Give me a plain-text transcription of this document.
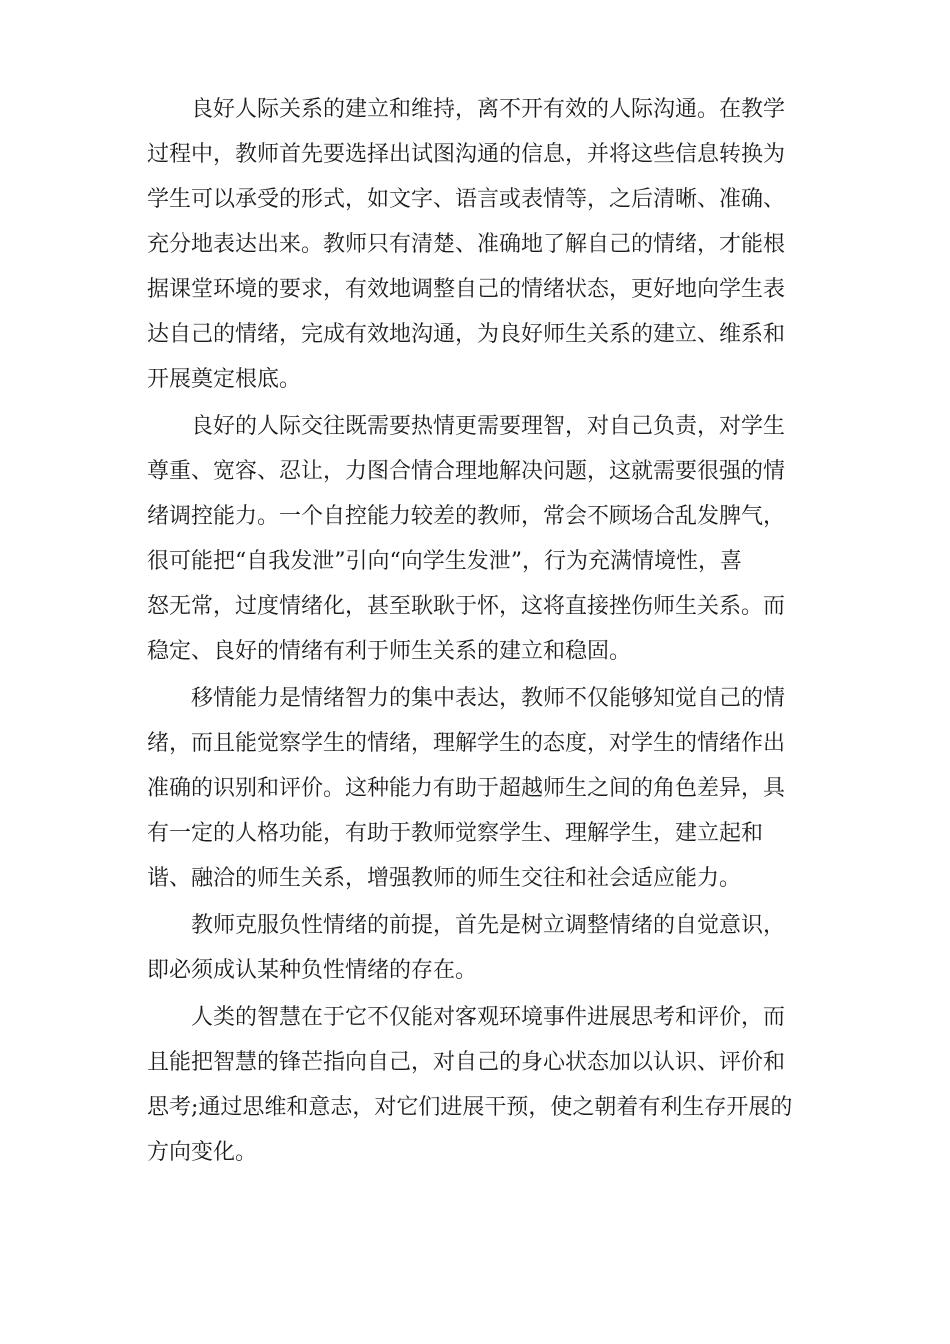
良好人际关系的建立和维持，离不开有效的人际沟通。在教学
过程中，教师首先要选择出试图沟通的信息，并将这些信息转换为
学生可以承受的形式，如文字、语言或表情等，之后清晰、准确、
充分地表达出来。教师只有清楚、准确地了解自己的情绪，才能根
据课堂环境的要求，有效地调整自己的情绪状态，更好地向学生表
达自己的情绪，完成有效地沟通，为良好师生关系的建立、维系和
开展奠定根底。
良好的人际交往既需要热情更需要理智，对自己负责，对学生
尊重、宽容、忍让，力图合情合理地解决问题，这就需要很强的情
绪调控能力。一个自控能力较差的教师，常会不顾场合乱发脾气，
很可能把“自我发泄”引向“向学生发泄”，行为充满情境性，喜
怒无常，过度情绪化，甚至耿耿于怀，这将直接挫伤师生关系。而
稳定、良好的情绪有利于师生关系的建立和稳固。
移情能力是情绪智力的集中表达，教师不仅能够知觉自己的情
绪，而且能觉察学生的情绪，理解学生的态度，对学生的情绪作出
准确的识别和评价。这种能力有助于超越师生之间的角色差异，具
有一定的人格功能，有助于教师觉察学生、理解学生，建立起和
谐、融洽的师生关系，增强教师的师生交往和社会适应能力。
教师克服负性情绪的前提，首先是树立调整情绪的自觉意识，
即必须成认某种负性情绪的存在。
人类的智慧在于它不仅能对客观环境事件进展思考和评价，而
且能把智慧的锋芒指向自己，对自己的身心状态加以认识、评价和
思考;通过思维和意志，对它们进展干预，使之朝着有利生存开展的
方向变化。
